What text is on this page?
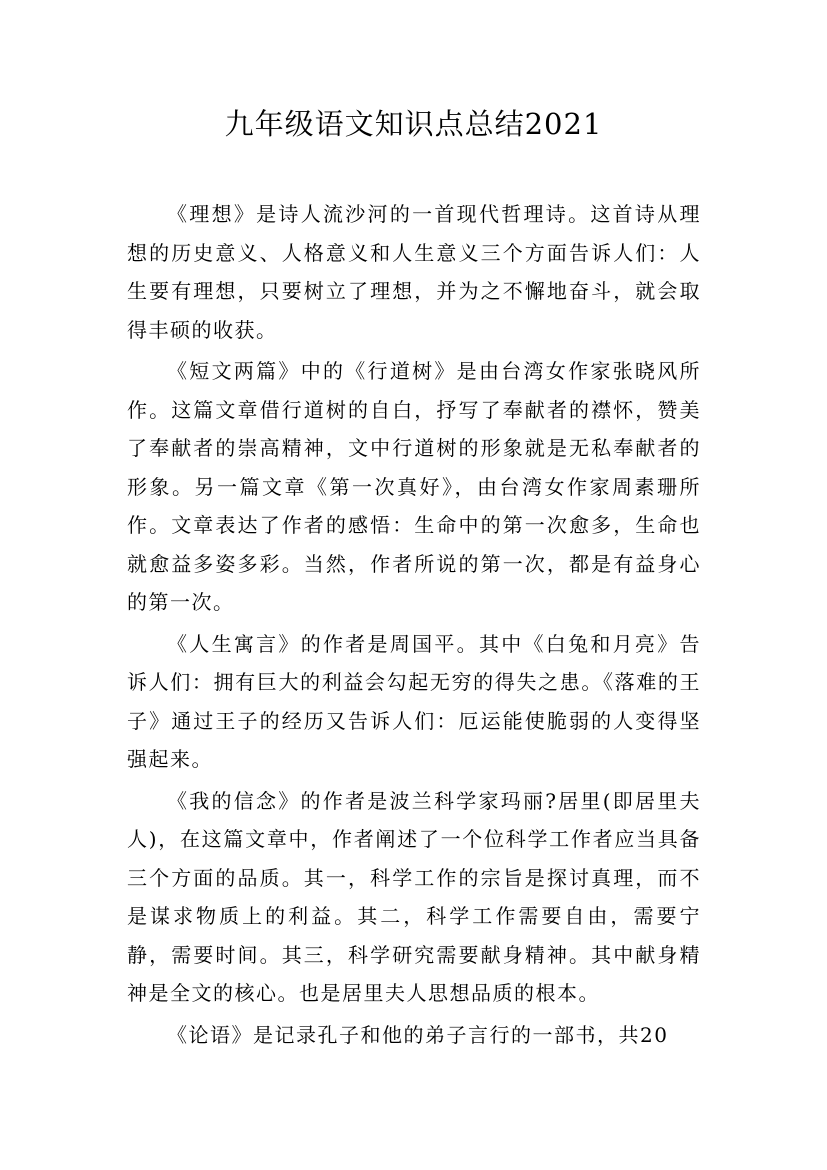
九年级语文知识点总结2021

《理想》是诗人流沙河的一首现代哲理诗。这首诗从理想的历史意义、人格意义和人生意义三个方面告诉人们：人生要有理想，只要树立了理想，并为之不懈地奋斗，就会取得丰硕的收获。

《短文两篇》中的《行道树》是由台湾女作家张晓风所作。这篇文章借行道树的自白，抒写了奉献者的襟怀，赞美了奉献者的崇高精神，文中行道树的形象就是无私奉献者的形象。另一篇文章《第一次真好》，由台湾女作家周素珊所作。文章表达了作者的感悟：生命中的第一次愈多，生命也就愈益多姿多彩。当然，作者所说的第一次，都是有益身心的第一次。

《人生寓言》的作者是周国平。其中《白兔和月亮》告诉人们：拥有巨大的利益会勾起无穷的得失之患。《落难的王子》通过王子的经历又告诉人们：厄运能使脆弱的人变得坚强起来。

《我的信念》的作者是波兰科学家玛丽?居里(即居里夫人)，在这篇文章中，作者阐述了一个位科学工作者应当具备三个方面的品质。其一，科学工作的宗旨是探讨真理，而不是谋求物质上的利益。其二，科学工作需要自由，需要宁静，需要时间。其三，科学研究需要献身精神。其中献身精神是全文的核心。也是居里夫人思想品质的根本。

《论语》是记录孔子和他的弟子言行的一部书，共20
